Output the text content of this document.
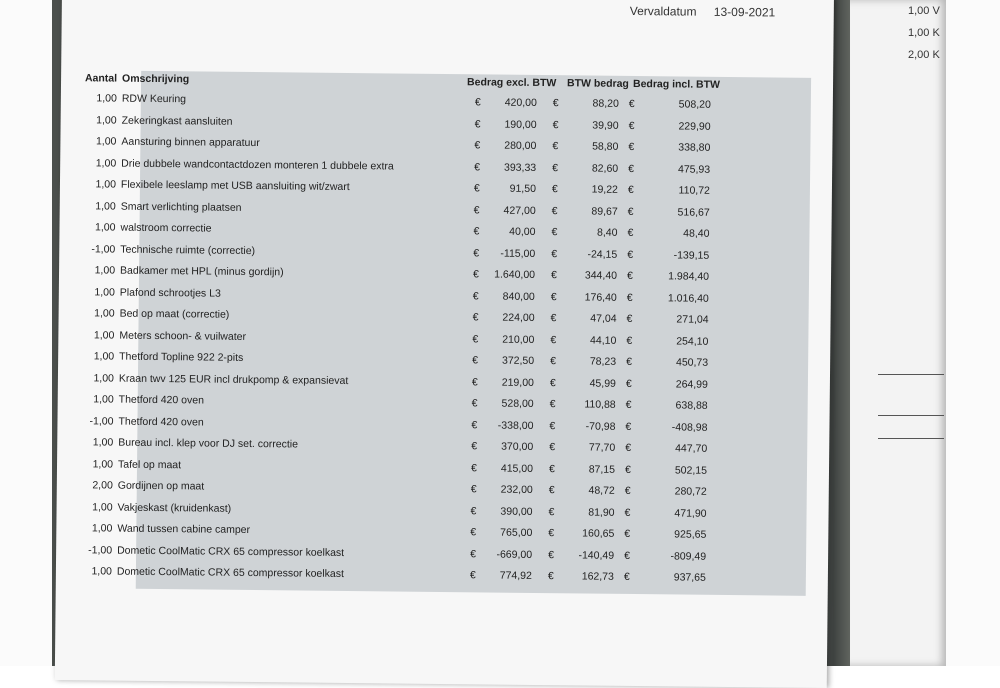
1,00 V
1,00 K
2,00 K
Vervaldatum 13-09-2021
Aantal Omschrijving	Bedrag excl. BTW BTW bedrag Bedrag incl. BTW
1,00 RDW Keuring	€	420,00 €	88,20 €	508,20
1,00 Zekeringkast aansluiten	€	190,00 €	39,90 €	229,90
1,00 Aansturing binnen apparatuur	€	280,00 €	58,80 €	338,80
1,00 Drie dubbele wandcontactdozen monteren 1 dubbele extra	€	393,33 €	82,60 €	475,93
1,00 Flexibele leeslamp met USB aansluiting wit/zwart	€	91,50 €	19,22 €	110,72
1,00 Smart verlichting plaatsen	€	427,00 €	89,67 €	516,67
1,00 walstroom correctie	€	40,00 €	8,40 €	48,40
-1,00 Technische ruimte (correctie)	€	-115,00 €	-24,15 €	-139,15
1,00 Badkamer met HPL (minus gordijn)	€	1.640,00 €	344,40 €	1.984,40
1,00 Plafond schrootjes L3	€	840,00 €	176,40 €	1.016,40
1,00 Bed op maat (correctie)	€	224,00 €	47,04 €	271,04
1,00 Meters schoon- & vuilwater	€	210,00 €	44,10 €	254,10
1,00 Thetford Topline 922 2-pits	€	372,50 €	78,23 €	450,73
1,00 Kraan twv 125 EUR incl drukpomp & expansievat	€	219,00 €	45,99 €	264,99
1,00 Thetford 420 oven	€	528,00 €	110,88 €	638,88
-1,00 Thetford 420 oven	€	-338,00 €	-70,98 €	-408,98
1,00 Bureau incl. klep voor DJ set. correctie	€	370,00 €	77,70 €	447,70
1,00 Tafel op maat	€	415,00 €	87,15 €	502,15
2,00 Gordijnen op maat	€	232,00 €	48,72 €	280,72
1,00 Vakjeskast (kruidenkast)	€	390,00 €	81,90 €	471,90
1,00 Wand tussen cabine camper	€	765,00 €	160,65 €	925,65
-1,00 Dometic CoolMatic CRX 65 compressor koelkast	€	-669,00 €	-140,49 €	-809,49
1,00 Dometic CoolMatic CRX 65 compressor koelkast	€	774,92 €	162,73 €	937,65
